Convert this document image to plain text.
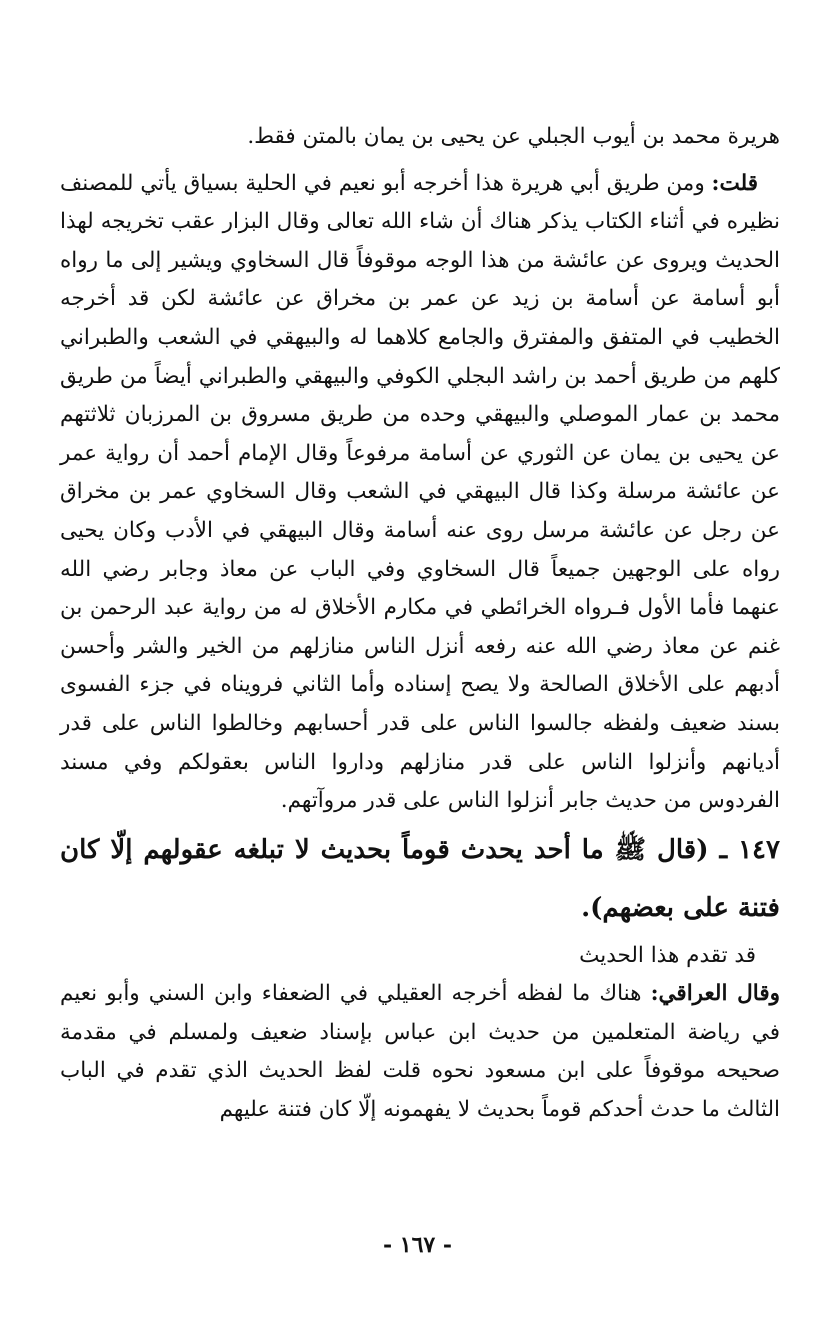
هريرة محمد بن أيوب الجبلي عن يحيى بن يمان بالمتن فقط.

قلت: ومن طريق أبي هريرة هذا أخرجه أبو نعيم في الحلية بسياق يأتي للمصنف نظيره في أثناء الكتاب يذكر هناك أن شاء الله تعالى وقال البزار عقب تخريجه لهذا الحديث ويروى عن عائشة من هذا الوجه موقوفاً قال السخاوي ويشير إلى ما رواه أبو أسامة عن أسامة بن زيد عن عمر بن مخراق عن عائشة لكن قد أخرجه الخطيب في المتفق والمفترق والجامع كلاهما له والبيهقي في الشعب والطبراني كلهم من طريق أحمد بن راشد البجلي الكوفي والبيهقي والطبراني أيضاً من طريق محمد بن عمار الموصلي والبيهقي وحده من طريق مسروق بن المرزبان ثلاثتهم عن يحيى بن يمان عن الثوري عن أسامة مرفوعاً وقال الإمام أحمد أن رواية عمر عن عائشة مرسلة وكذا قال البيهقي في الشعب وقال السخاوي عمر بن مخراق عن رجل عن عائشة مرسل روى عنه أسامة وقال البيهقي في الأدب وكان يحيى رواه على الوجهين جميعاً قال السخاوي وفي الباب عن معاذ وجابر رضي الله عنهما فأما الأول فـرواه الخرائطي في مكارم الأخلاق له من رواية عبد الرحمن بن غنم عن معاذ رضي الله عنه رفعه أنزل الناس منازلهم من الخير والشر وأحسن أدبهم على الأخلاق الصالحة ولا يصح إسناده وأما الثاني فرويناه في جزء الفسوى بسند ضعيف ولفظه جالسوا الناس على قدر أحسابهم وخالطوا الناس على قدر أديانهم وأنزلوا الناس على قدر منازلهم وداروا الناس بعقولكم وفي مسند الفردوس من حديث جابر أنزلوا الناس على قدر مروآتهم.

١٤٧ ـ (قال ﷺ ما أحد يحدث قوماً بحديث لا تبلغه عقولهم إلّا كان فتنة على بعضهم).

قد تقدم هذا الحديث

وقال العراقي: هناك ما لفظه أخرجه العقيلي في الضعفاء وابن السني وأبو نعيم في رياضة المتعلمين من حديث ابن عباس بإسناد ضعيف ولمسلم في مقدمة صحيحه موقوفاً على ابن مسعود نحوه قلت لفظ الحديث الذي تقدم في الباب الثالث ما حدث أحدكم قوماً بحديث لا يفهمونه إلّا كان فتنة عليهم

- ١٦٧ -
